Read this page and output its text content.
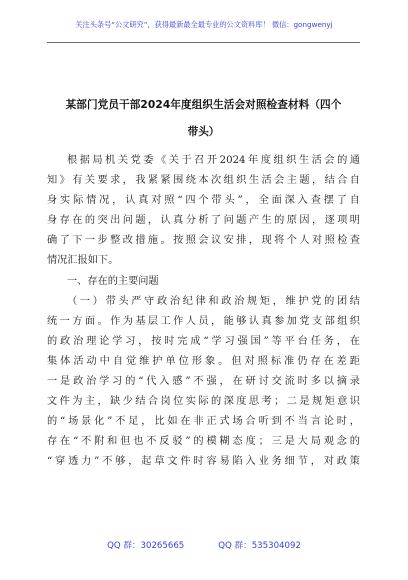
关注头条号“公文研究”，获得最新最全最专业的公文资料库！ 微信：gongwenyj
某部门党员干部2024年度组织生活会对照检查材料（四个
带头）
根据局机关党委《关于召开2024年度组织生活会的通
知》有关要求，我紧紧围绕本次组织生活会主题，结合自
身实际情况，认真对照“四个带头”，全面深入查摆了自
身存在的突出问题，认真分析了问题产生的原因，逐项明
确了下一步整改措施。按照会议安排，现将个人对照检查
情况汇报如下。
一、存在的主要问题
（一）带头严守政治纪律和政治规矩，维护党的团结
统一方面。作为基层工作人员，能够认真参加党支部组织
的政治理论学习，按时完成“学习强国”等平台任务，在
集体活动中自觉维护单位形象。但对照标准仍存在差距
一是政治学习的“代入感”不强，在研讨交流时多以摘录
文件为主，缺少结合岗位实际的深度思考；二是规矩意识
的“场景化”不足，比如在非正式场合听到不当言论时，
存在“不附和但也不反驳”的模糊态度；三是大局观念的
“穿透力”不够，起草文件时容易陷入业务细节，对政策
QQ 群：30265665	QQ 群：535304092
